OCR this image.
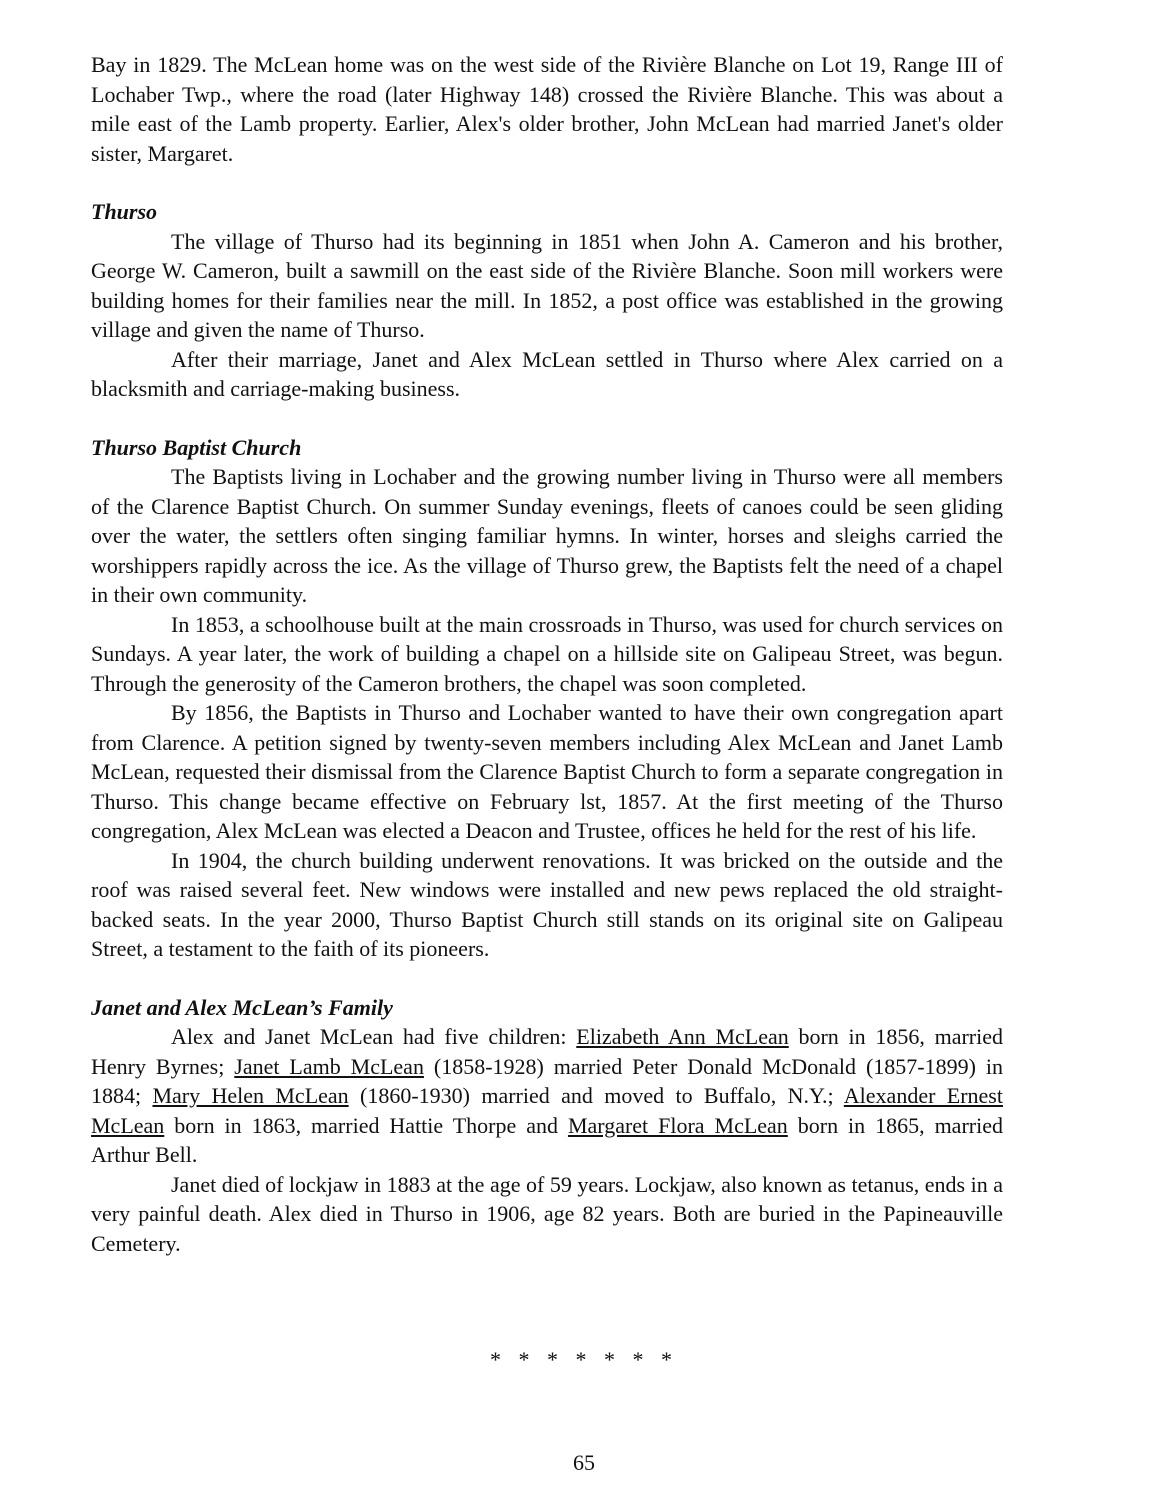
Bay in 1829. The McLean home was on the west side of the Rivière Blanche on Lot 19, Range III of Lochaber Twp., where the road (later Highway 148) crossed the Rivière Blanche. This was about a mile east of the Lamb property. Earlier, Alex's older brother, John McLean had married Janet's older sister, Margaret.

Thurso

The village of Thurso had its beginning in 1851 when John A. Cameron and his brother, George W. Cameron, built a sawmill on the east side of the Rivière Blanche. Soon mill workers were building homes for their families near the mill. In 1852, a post office was established in the growing village and given the name of Thurso.

After their marriage, Janet and Alex McLean settled in Thurso where Alex carried on a blacksmith and carriage-making business.

Thurso Baptist Church

The Baptists living in Lochaber and the growing number living in Thurso were all members of the Clarence Baptist Church. On summer Sunday evenings, fleets of canoes could be seen gliding over the water, the settlers often singing familiar hymns. In winter, horses and sleighs carried the worshippers rapidly across the ice. As the village of Thurso grew, the Baptists felt the need of a chapel in their own community.

In 1853, a schoolhouse built at the main crossroads in Thurso, was used for church services on Sundays. A year later, the work of building a chapel on a hillside site on Galipeau Street, was begun. Through the generosity of the Cameron brothers, the chapel was soon completed.

By 1856, the Baptists in Thurso and Lochaber wanted to have their own congregation apart from Clarence. A petition signed by twenty-seven members including Alex McLean and Janet Lamb McLean, requested their dismissal from the Clarence Baptist Church to form a separate congregation in Thurso. This change became effective on February lst, 1857. At the first meeting of the Thurso congregation, Alex McLean was elected a Deacon and Trustee, offices he held for the rest of his life.

In 1904, the church building underwent renovations. It was bricked on the outside and the roof was raised several feet. New windows were installed and new pews replaced the old straight-backed seats. In the year 2000, Thurso Baptist Church still stands on its original site on Galipeau Street, a testament to the faith of its pioneers.

Janet and Alex McLean’s Family

Alex and Janet McLean had five children: Elizabeth Ann McLean born in 1856, married Henry Byrnes; Janet Lamb McLean (1858-1928) married Peter Donald McDonald (1857-1899) in 1884; Mary Helen McLean (1860-1930) married and moved to Buffalo, N.Y.; Alexander Ernest McLean born in 1863, married Hattie Thorpe and Margaret Flora McLean born in 1865, married Arthur Bell.

Janet died of lockjaw in 1883 at the age of 59 years. Lockjaw, also known as tetanus, ends in a very painful death. Alex died in Thurso in 1906, age 82 years. Both are buried in the Papineauville Cemetery.

* * * * * * *
65
